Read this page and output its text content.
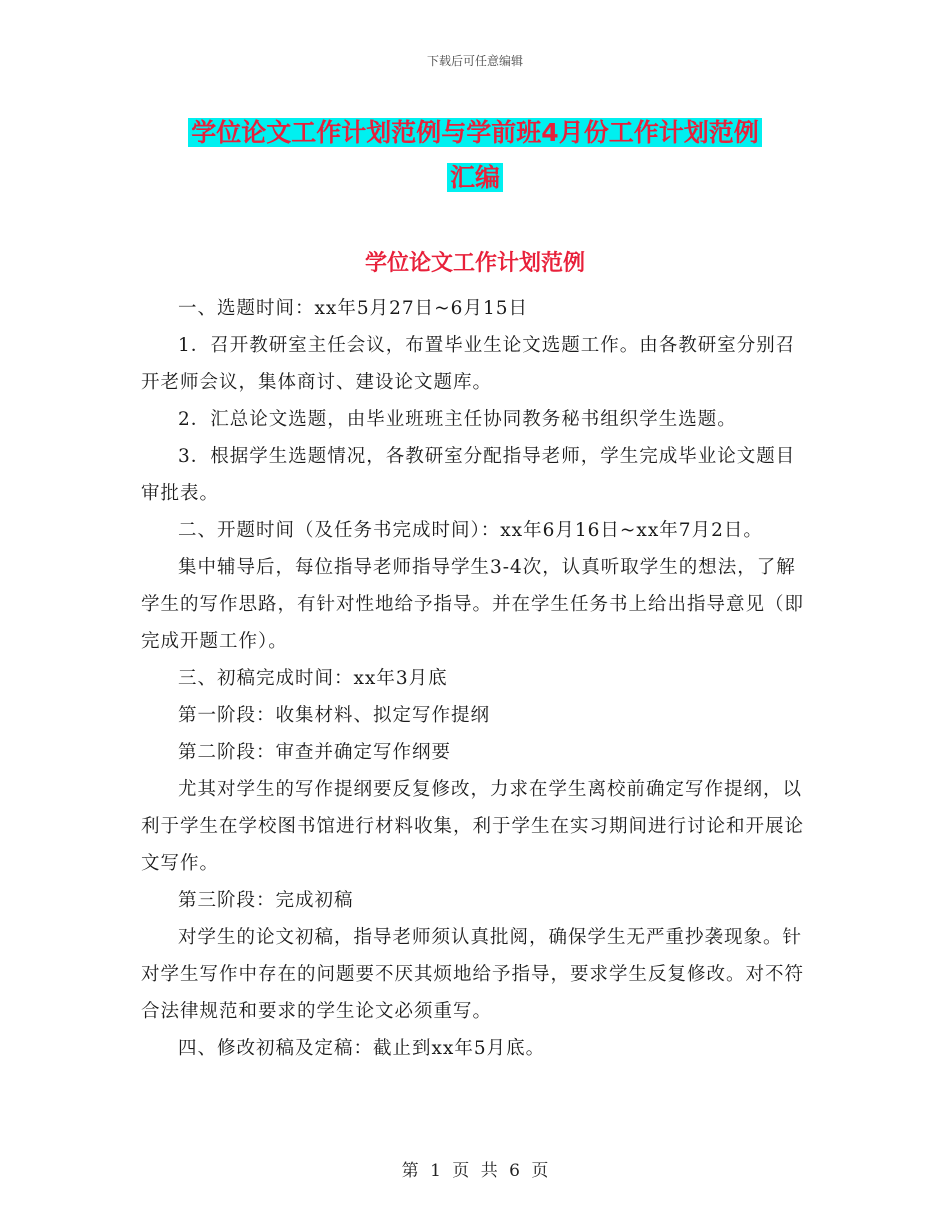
下载后可任意编辑
学位论文工作计划范例与学前班4月份工作计划范例
汇编
学位论文工作计划范例

一、选题时间：xx年5月27日~6月15日

1．召开教研室主任会议，布置毕业生论文选题工作。由各教研室分别召开老师会议，集体商讨、建设论文题库。

2．汇总论文选题，由毕业班班主任协同教务秘书组织学生选题。

3．根据学生选题情况，各教研室分配指导老师，学生完成毕业论文题目审批表。

二、开题时间（及任务书完成时间）：xx年6月16日~xx年7月2日。

集中辅导后，每位指导老师指导学生3-4次，认真听取学生的想法，了解学生的写作思路，有针对性地给予指导。并在学生任务书上给出指导意见（即完成开题工作）。

三、初稿完成时间：xx年3月底

第一阶段：收集材料、拟定写作提纲

第二阶段：审查并确定写作纲要

尤其对学生的写作提纲要反复修改，力求在学生离校前确定写作提纲，以利于学生在学校图书馆进行材料收集，利于学生在实习期间进行讨论和开展论文写作。

第三阶段：完成初稿

对学生的论文初稿，指导老师须认真批阅，确保学生无严重抄袭现象。针对学生写作中存在的问题要不厌其烦地给予指导，要求学生反复修改。对不符合法律规范和要求的学生论文必须重写。

四、修改初稿及定稿：截止到xx年5月底。

第 1 页 共 6 页
